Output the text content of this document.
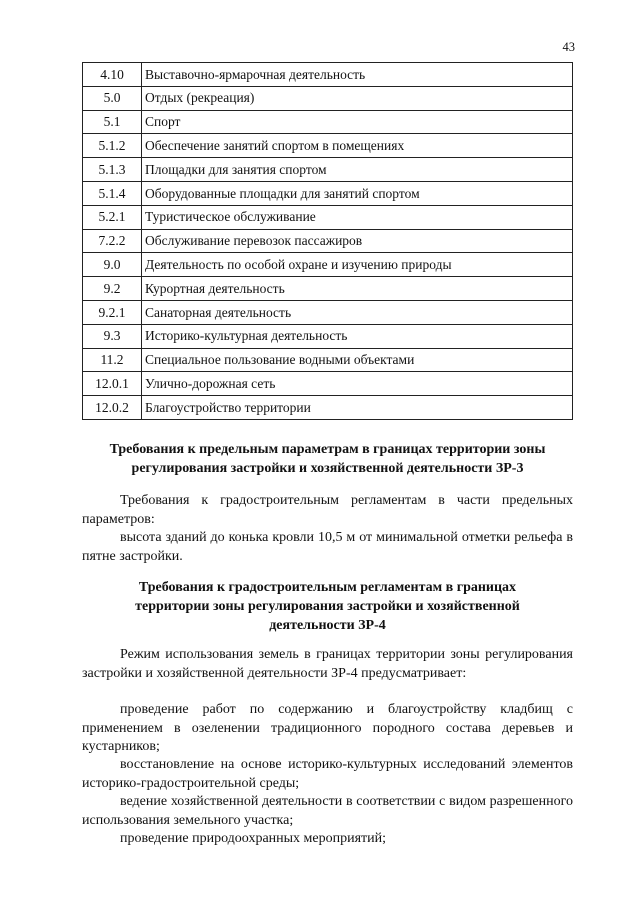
43
4.10	Выставочно-ярмарочная деятельность
5.0	Отдых (рекреация)
5.1	Спорт
5.1.2	Обеспечение занятий спортом в помещениях
5.1.3	Площадки для занятия спортом
5.1.4	Оборудованные площадки для занятий спортом
5.2.1	Туристическое обслуживание
7.2.2	Обслуживание перевозок пассажиров
9.0	Деятельность по особой охране и изучению природы
9.2	Курортная деятельность
9.2.1	Санаторная деятельность
9.3	Историко-культурная деятельность
11.2	Специальное пользование водными объектами
12.0.1	Улично-дорожная сеть
12.0.2	Благоустройство территории
Требования к предельным параметрам в границах территории зоны
регулирования застройки и хозяйственной деятельности ЗР-3

Требования к градостроительным регламентам в части предельных параметров:

высота зданий до конька кровли 10,5 м от минимальной отметки рельефа в пятне застройки.

Требования к градостроительным регламентам в границах
территории зоны регулирования застройки и хозяйственной
деятельности ЗР-4

Режим использования земель в границах территории зоны регулирования застройки и хозяйственной деятельности ЗР-4 предусматривает:

проведение работ по содержанию и благоустройству кладбищ с применением в озеленении традиционного породного состава деревьев и кустарников;

восстановление на основе историко-культурных исследований элементов историко-градостроительной среды;

ведение хозяйственной деятельности в соответствии с видом разрешенного использования земельного участка;

проведение природоохранных мероприятий;
